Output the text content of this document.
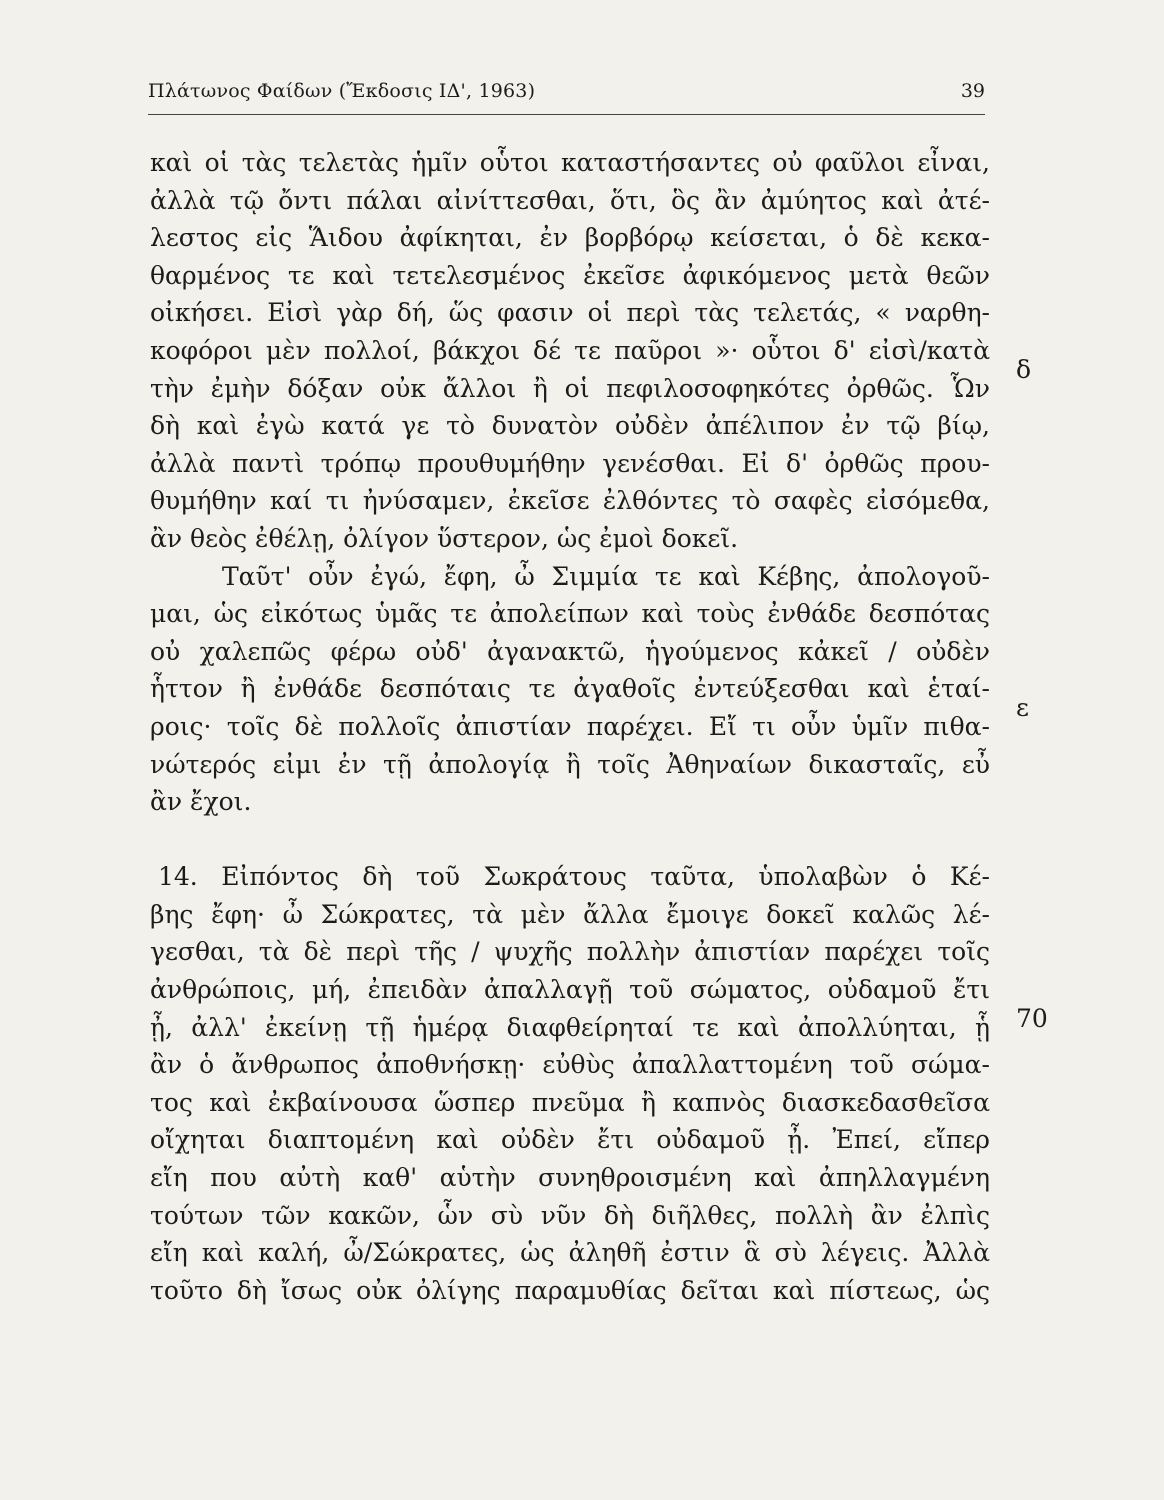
Πλάτωνος Φαίδων (Ἔκδοσις ΙΔ', 1963)	39
καὶ οἱ τὰς τελετὰς ἡμῖν οὗτοι καταστήσαντες οὐ φαῦλοι εἶναι,
ἀλλὰ τῷ ὄντι πάλαι αἰνίττεσθαι, ὅτι, ὃς ἂν ἀμύητος καὶ ἀτέ-
λεστος εἰς Ἅιδου ἀφίκηται, ἐν βορβόρῳ κείσεται, ὁ δὲ κεκα-
θαρμένος τε καὶ τετελεσμένος ἐκεῖσε ἀφικόμενος μετὰ θεῶν
οἰκήσει. Εἰσὶ γὰρ δή, ὥς φασιν οἱ περὶ τὰς τελετάς, « ναρθη-
κοφόροι μὲν πολλοί, βάκχοι δέ τε παῦροι »· οὗτοι δ' εἰσὶ/κατὰ
τὴν ἐμὴν δόξαν οὐκ ἄλλοι ἢ οἱ πεφιλοσοφηκότες ὀρθῶς. Ὧν
δὴ καὶ ἐγὼ κατά γε τὸ δυνατὸν οὐδὲν ἀπέλιπον ἐν τῷ βίῳ,
ἀλλὰ παντὶ τρόπῳ προυθυμήθην γενέσθαι. Εἰ δ' ὀρθῶς πρου-
θυμήθην καί τι ἠνύσαμεν, ἐκεῖσε ἐλθόντες τὸ σαφὲς εἰσόμεθα,
ἂν θεὸς ἐθέλῃ, ὀλίγον ὕστερον, ὡς ἐμοὶ δοκεῖ.
Ταῦτ' οὖν ἐγώ, ἔφη, ὦ Σιμμία τε καὶ Κέβης, ἀπολογοῦ-
μαι, ὡς εἰκότως ὑμᾶς τε ἀπολείπων καὶ τοὺς ἐνθάδε δεσπότας
οὐ χαλεπῶς φέρω οὐδ' ἀγανακτῶ, ἡγούμενος κἀκεῖ / οὐδὲν
ἧττον ἢ ἐνθάδε δεσπόταις τε ἀγαθοῖς ἐντεύξεσθαι καὶ ἑταί-
ροις· τοῖς δὲ πολλοῖς ἀπιστίαν παρέχει. Εἴ τι οὖν ὑμῖν πιθα-
νώτερός εἰμι ἐν τῇ ἀπολογίᾳ ἢ τοῖς Ἀθηναίων δικασταῖς, εὖ
ἂν ἔχοι.
14. Εἰπόντος δὴ τοῦ Σωκράτους ταῦτα, ὑπολαβὼν ὁ Κέ-
βης ἔφη· ὦ Σώκρατες, τὰ μὲν ἄλλα ἔμοιγε δοκεῖ καλῶς λέ-
γεσθαι, τὰ δὲ περὶ τῆς / ψυχῆς πολλὴν ἀπιστίαν παρέχει τοῖς
ἀνθρώποις, μή, ἐπειδὰν ἀπαλλαγῇ τοῦ σώματος, οὐδαμοῦ ἔτι
ᾖ, ἀλλ' ἐκείνῃ τῇ ἡμέρᾳ διαφθείρηταί τε καὶ ἀπολλύηται, ᾗ
ἂν ὁ ἄνθρωπος ἀποθνήσκῃ· εὐθὺς ἀπαλλαττομένη τοῦ σώμα-
τος καὶ ἐκβαίνουσα ὥσπερ πνεῦμα ἢ καπνὸς διασκεδασθεῖσα
οἴχηται διαπτομένη καὶ οὐδὲν ἔτι οὐδαμοῦ ᾖ. Ἐπεί, εἴπερ
εἴη που αὐτὴ καθ' αὑτὴν συνηθροισμένη καὶ ἀπηλλαγμένη
τούτων τῶν κακῶν, ὧν σὺ νῦν δὴ διῆλθες, πολλὴ ἂν ἐλπὶς
εἴη καὶ καλή, ὦ/Σώκρατες, ὡς ἀληθῆ ἐστιν ἃ σὺ λέγεις. Ἀλλὰ
τοῦτο δὴ ἴσως οὐκ ὀλίγης παραμυθίας δεῖται καὶ πίστεως, ὡς
δ
ε
70
